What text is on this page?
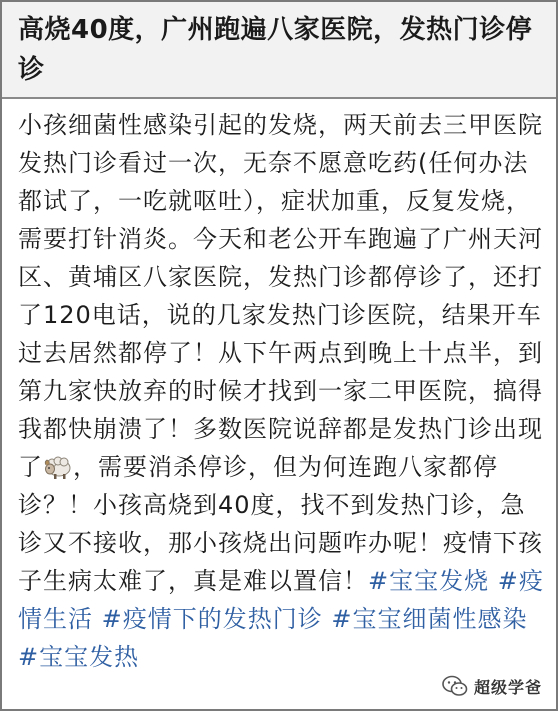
高烧40度，广州跑遍八家医院，发热门诊停诊
小孩细菌性感染引起的发烧，两天前去三甲医院发热门诊看过一次，无奈不愿意吃药(任何办法都试了，一吃就呕吐），症状加重，反复发烧，需要打针消炎。今天和老公开车跑遍了广州天河区、黄埔区八家医院，发热门诊都停诊了，还打了120电话，说的几家发热门诊医院，结果开车过去居然都停了！从下午两点到晚上十点半，到第九家快放弃的时候才找到一家二甲医院，搞得我都快崩溃了！多数医院说辞都是发热门诊出现了 ，需要消杀停诊，但为何连跑八家都停诊？！小孩高烧到40度，找不到发热门诊，急诊又不接收，那小孩烧出问题咋办呢！疫情下孩子生病太难了，真是难以置信！#宝宝发烧 #疫情生活 #疫情下的发热门诊 #宝宝细菌性感染 #宝宝发热
超级学爸
